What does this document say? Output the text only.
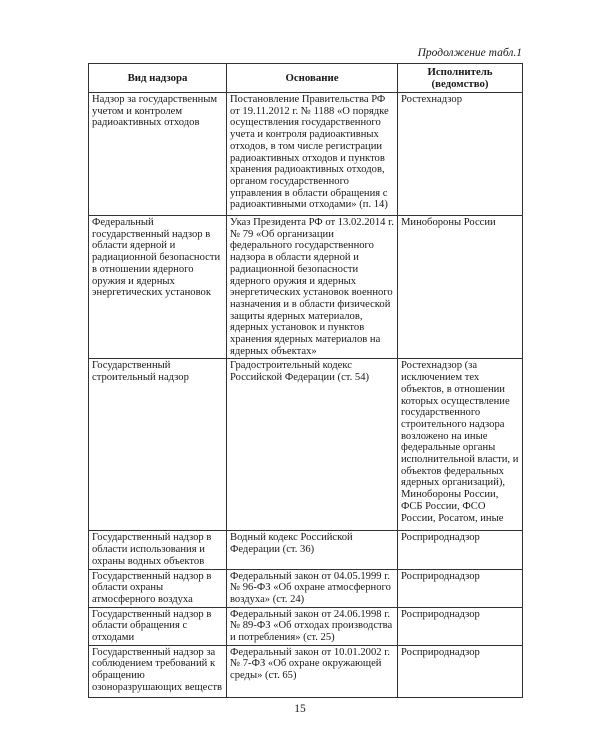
Продолжение табл.1
Вид надзора	Основание	Исполнитель (ведомство)
Надзор за государственным учетом и контролем радиоактивных отходов	Постановление Правительства РФ от 19.11.2012 г. № 1188 «О порядке осуществления государственного учета и контроля радиоактивных отходов, в том числе регистрации радиоактивных отходов и пунктов хранения радиоактивных отходов, органом государственного управления в области обращения с радиоактивными отходами» (п. 14)	Ростехнадзор
Федеральный государственный надзор в области ядерной и радиационной безопасности в отношении ядерного оружия и ядерных энергетических установок	Указ Президента РФ от 13.02.2014 г. № 79 «Об организации федерального государственного надзора в области ядерной и радиационной безопасности ядерного оружия и ядерных энергетических установок военного назначения и в области физической защиты ядерных материалов, ядерных установок и пунктов хранения ядерных материалов на ядерных объектах»	Минобороны России
Государственный строительный надзор	Градостроительный кодекс Российской Федерации (ст. 54)	Ростехнадзор (за исключением тех объектов, в отношении которых осуществление государственного строительного надзора возложено на иные федеральные органы исполнительной власти, и объектов федеральных ядерных организаций), Минобороны России, ФСБ России, ФСО России, Росатом, иные
Государственный надзор в области использования и охраны водных объектов	Водный кодекс Российской Федерации (ст. 36)	Росприроднадзор
Государственный надзор в области охраны атмосферного воздуха	Федеральный закон от 04.05.1999 г. № 96-ФЗ «Об охране атмосферного воздуха» (ст. 24)	Росприроднадзор
Государственный надзор в области обращения с отходами	Федеральный закон от 24.06.1998 г. № 89-ФЗ «Об отходах производства и потребления» (ст. 25)	Росприроднадзор
Государственный надзор за соблюдением требований к обращению озоноразрушающих веществ	Федеральный закон от 10.01.2002 г. № 7-ФЗ «Об охране окружающей среды» (ст. 65)	Росприроднадзор
15
